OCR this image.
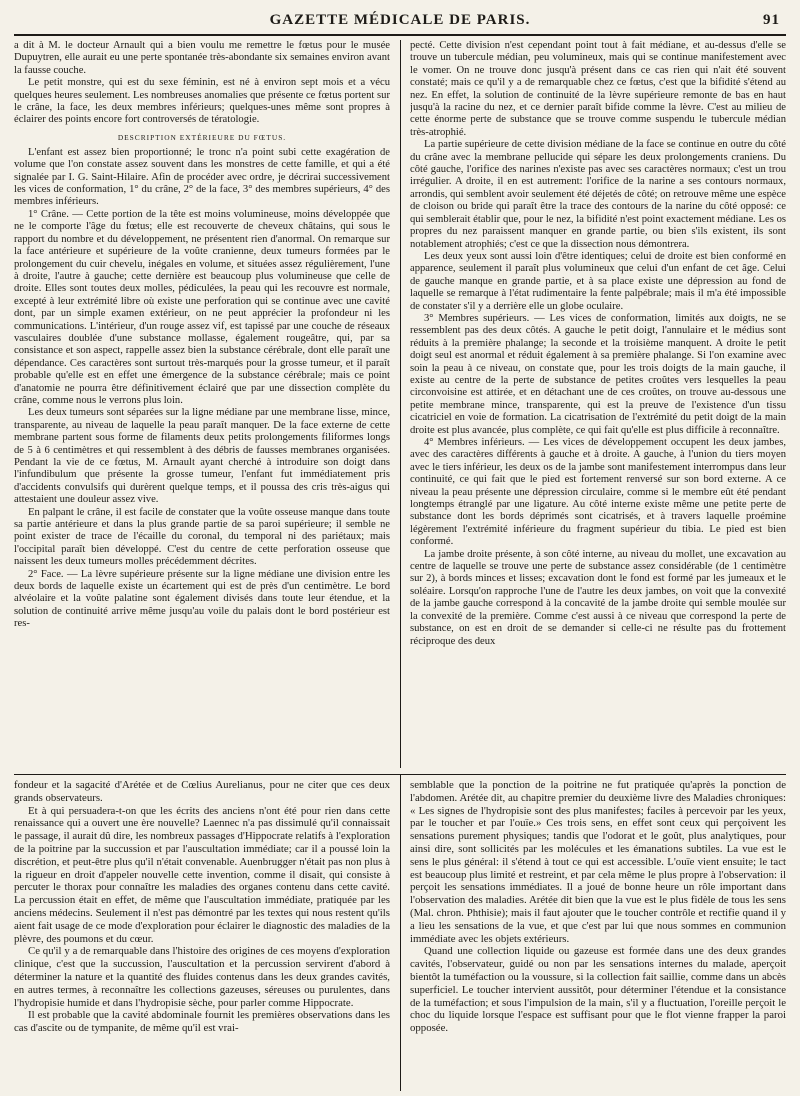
GAZETTE MÉDICALE DE PARIS.	91

a dit à M. le docteur Arnault qui a bien voulu me remettre le fœtus pour le musée Dupuytren, elle aurait eu une perte spontanée très-abondante six semaines environ avant la fausse couche.

Le petit monstre, qui est du sexe féminin, est né à environ sept mois et a vécu quelques heures seulement. Les nombreuses anomalies que présente ce fœtus portent sur le crâne, la face, les deux membres inférieurs; quelques-unes même sont propres à éclairer des points encore fort controversés de tératologie.

DESCRIPTION EXTÉRIEURE DU FŒTUS.

L'enfant est assez bien proportionné; le tronc n'a point subi cette exagération de volume que l'on constate assez souvent dans les monstres de cette famille, et qui a été signalée par I. G. Saint-Hilaire. Afin de procéder avec ordre, je décrirai successivement les vices de conformation, 1° du crâne, 2° de la face, 3° des membres supérieurs, 4° des membres inférieurs.

1° Crâne. — Cette portion de la tête est moins volumineuse, moins développée que ne le comporte l'âge du fœtus; elle est recouverte de cheveux châtains, qui sous le rapport du nombre et du développement, ne présentent rien d'anormal. On remarque sur la face antérieure et supérieure de la voûte cranienne, deux tumeurs formées par le prolongement du cuir chevelu, inégales en volume, et situées assez régulièrement, l'une à droite, l'autre à gauche; cette dernière est beaucoup plus volumineuse que celle de droite. Elles sont toutes deux molles, pédiculées, la peau qui les recouvre est normale, excepté à leur extrémité libre où existe une perforation qui se continue avec une cavité dont, par un simple examen extérieur, on ne peut apprécier la profondeur ni les communications. L'intérieur, d'un rouge assez vif, est tapissé par une couche de réseaux vasculaires doublée d'une substance mollasse, également rougeâtre, qui, par sa consistance et son aspect, rappelle assez bien la substance cérébrale, dont elle paraît une dépendance. Ces caractères sont surtout très-marqués pour la grosse tumeur, et il paraît probable qu'elle est en effet une émergence de la substance cérébrale; mais ce point d'anatomie ne pourra être définitivement éclairé que par une dissection complète du crâne, comme nous le verrons plus loin.

Les deux tumeurs sont séparées sur la ligne médiane par une membrane lisse, mince, transparente, au niveau de laquelle la peau paraît manquer. De la face externe de cette membrane partent sous forme de filaments deux petits prolongements filiformes longs de 5 à 6 centimètres et qui ressemblent à des débris de fausses membranes organisées. Pendant la vie de ce fœtus, M. Arnault ayant cherché à introduire son doigt dans l'infundibulum que présente la grosse tumeur, l'enfant fut immédiatement pris d'accidents convulsifs qui durèrent quelque temps, et il poussa des cris très-aigus qui attestaient une douleur assez vive.

En palpant le crâne, il est facile de constater que la voûte osseuse manque dans toute sa partie antérieure et dans la plus grande partie de sa paroi supérieure; il semble ne point exister de trace de l'écaille du coronal, du temporal ni des pariétaux; mais l'occipital paraît bien développé. C'est du centre de cette perforation osseuse que naissent les deux tumeurs molles précédemment décrites.

2° Face. — La lèvre supérieure présente sur la ligne médiane une division entre les deux bords de laquelle existe un écartement qui est de près d'un centimètre. Le bord alvéolaire et la voûte palatine sont également divisés dans toute leur étendue, et la solution de continuité arrive même jusqu'au voile du palais dont le bord postérieur est res-

pecté. Cette division n'est cependant point tout à fait médiane, et au-dessus d'elle se trouve un tubercule médian, peu volumineux, mais qui se continue manifestement avec le vomer. On ne trouve donc jusqu'à présent dans ce cas rien qui n'ait été souvent constaté; mais ce qu'il y a de remarquable chez ce fœtus, c'est que la bifidité s'étend au nez. En effet, la solution de continuité de la lèvre supérieure remonte de bas en haut jusqu'à la racine du nez, et ce dernier paraît bifide comme la lèvre. C'est au milieu de cette énorme perte de substance que se trouve comme suspendu le tubercule médian très-atrophié.

La partie supérieure de cette division médiane de la face se continue en outre du côté du crâne avec la membrane pellucide qui sépare les deux prolongements craniens. Du côté gauche, l'orifice des narines n'existe pas avec ses caractères normaux; c'est un trou irrégulier. A droite, il en est autrement: l'orifice de la narine a ses contours normaux, arrondis, qui semblent avoir seulement été déjetés de côté; on retrouve même une espèce de cloison ou bride qui paraît être la trace des contours de la narine du côté opposé: ce qui semblerait établir que, pour le nez, la bifidité n'est point exactement médiane. Les os propres du nez paraissent manquer en grande partie, ou bien s'ils existent, ils sont notablement atrophiés; c'est ce que la dissection nous démontrera.

Les deux yeux sont aussi loin d'être identiques; celui de droite est bien conformé en apparence, seulement il paraît plus volumineux que celui d'un enfant de cet âge. Celui de gauche manque en grande partie, et à sa place existe une dépression au fond de laquelle se remarque à l'état rudimentaire la fente palpébrale; mais il m'a été impossible de constater s'il y a derrière elle un globe oculaire.

3° Membres supérieurs. — Les vices de conformation, limités aux doigts, ne se ressemblent pas des deux côtés. A gauche le petit doigt, l'annulaire et le médius sont réduits à la première phalange; la seconde et la troisième manquent. A droite le petit doigt seul est anormal et réduit également à sa première phalange. Si l'on examine avec soin la peau à ce niveau, on constate que, pour les trois doigts de la main gauche, il existe au centre de la perte de substance de petites croûtes vers lesquelles la peau circonvoisine est attirée, et en détachant une de ces croûtes, on trouve au-dessous une petite membrane mince, transparente, qui est la preuve de l'existence d'un tissu cicatriciel en voie de formation. La cicatrisation de l'extrémité du petit doigt de la main droite est plus avancée, plus complète, ce qui fait qu'elle est plus difficile à reconnaître.

4° Membres inférieurs. — Les vices de développement occupent les deux jambes, avec des caractères différents à gauche et à droite. A gauche, à l'union du tiers moyen avec le tiers inférieur, les deux os de la jambe sont manifestement interrompus dans leur continuité, ce qui fait que le pied est fortement renversé sur son bord externe. A ce niveau la peau présente une dépression circulaire, comme si le membre eût été pendant longtemps étranglé par une ligature. Au côté interne existe même une petite perte de substance dont les bords déprimés sont cicatrisés, et à travers laquelle proémine légèrement l'extrémité inférieure du fragment supérieur du tibia. Le pied est bien conformé.

La jambe droite présente, à son côté interne, au niveau du mollet, une excavation au centre de laquelle se trouve une perte de substance assez considérable (de 1 centimètre sur 2), à bords minces et lisses; excavation dont le fond est formé par les jumeaux et le soléaire. Lorsqu'on rapproche l'une de l'autre les deux jambes, on voit que la convexité de la jambe gauche correspond à la concavité de la jambe droite qui semble moulée sur la convexité de la première. Comme c'est aussi à ce niveau que correspond la perte de substance, on est en droit de se demander si celle-ci ne résulte pas du frottement réciproque des deux

fondeur et la sagacité d'Arétée et de Cœlius Aurelianus, pour ne citer que ces deux grands observateurs.

Et à qui persuadera-t-on que les écrits des anciens n'ont été pour rien dans cette renaissance qui a ouvert une ère nouvelle? Laennec n'a pas dissimulé qu'il connaissait le passage, il aurait dû dire, les nombreux passages d'Hippocrate relatifs à l'exploration de la poitrine par la succussion et par l'auscultation immédiate; car il a poussé loin la discrétion, et peut-être plus qu'il n'était convenable. Auenbrugger n'était pas non plus à la rigueur en droit d'appeler nouvelle cette invention, comme il disait, qui consiste à percuter le thorax pour connaître les maladies des organes contenu dans cette cavité. La percussion était en effet, de même que l'auscultation immédiate, pratiquée par les anciens médecins. Seulement il n'est pas démontré par les textes qui nous restent qu'ils aient fait usage de ce mode d'exploration pour éclairer le diagnostic des maladies de la plèvre, des poumons et du cœur.

Ce qu'il y a de remarquable dans l'histoire des origines de ces moyens d'exploration clinique, c'est que la succussion, l'auscultation et la percussion servirent d'abord à déterminer la nature et la quantité des fluides contenus dans les deux grandes cavités, en autres termes, à reconnaître les collections gazeuses, séreuses ou purulentes, dans l'hydropisie humide et dans l'hydropisie sèche, pour parler comme Hippocrate.

Il est probable que la cavité abdominale fournit les premières observations dans les cas d'ascite ou de tympanite, de même qu'il est vrai-

semblable que la ponction de la poitrine ne fut pratiquée qu'après la ponction de l'abdomen. Arétée dit, au chapitre premier du deuxième livre des Maladies chroniques: « Les signes de l'hydropisie sont des plus manifestes; faciles à percevoir par les yeux, par le toucher et par l'ouïe.» Ces trois sens, en effet sont ceux qui perçoivent les sensations purement physiques; tandis que l'odorat et le goût, plus analytiques, pour ainsi dire, sont sollicités par les molécules et les émanations subtiles. La vue est le sens le plus général: il s'étend à tout ce qui est accessible. L'ouïe vient ensuite; le tact est beaucoup plus limité et restreint, et par cela même le plus propre à l'observation: il perçoit les sensations immédiates. Il a joué de bonne heure un rôle important dans l'observation des maladies. Arétée dit bien que la vue est le plus fidèle de tous les sens (Mal. chron. Phthisie); mais il faut ajouter que le toucher contrôle et rectifie quand il y a lieu les sensations de la vue, et que c'est par lui que nous sommes en communion immédiate avec les objets extérieurs.

Quand une collection liquide ou gazeuse est formée dans une des deux grandes cavités, l'observateur, guidé ou non par les sensations internes du malade, aperçoit bientôt la tuméfaction ou la voussure, si la collection fait saillie, comme dans un abcès superficiel. Le toucher intervient aussitôt, pour déterminer l'étendue et la consistance de la tuméfaction; et sous l'impulsion de la main, s'il y a fluctuation, l'oreille perçoit le choc du liquide lorsque l'espace est suffisant pour que le flot vienne frapper la paroi opposée.
